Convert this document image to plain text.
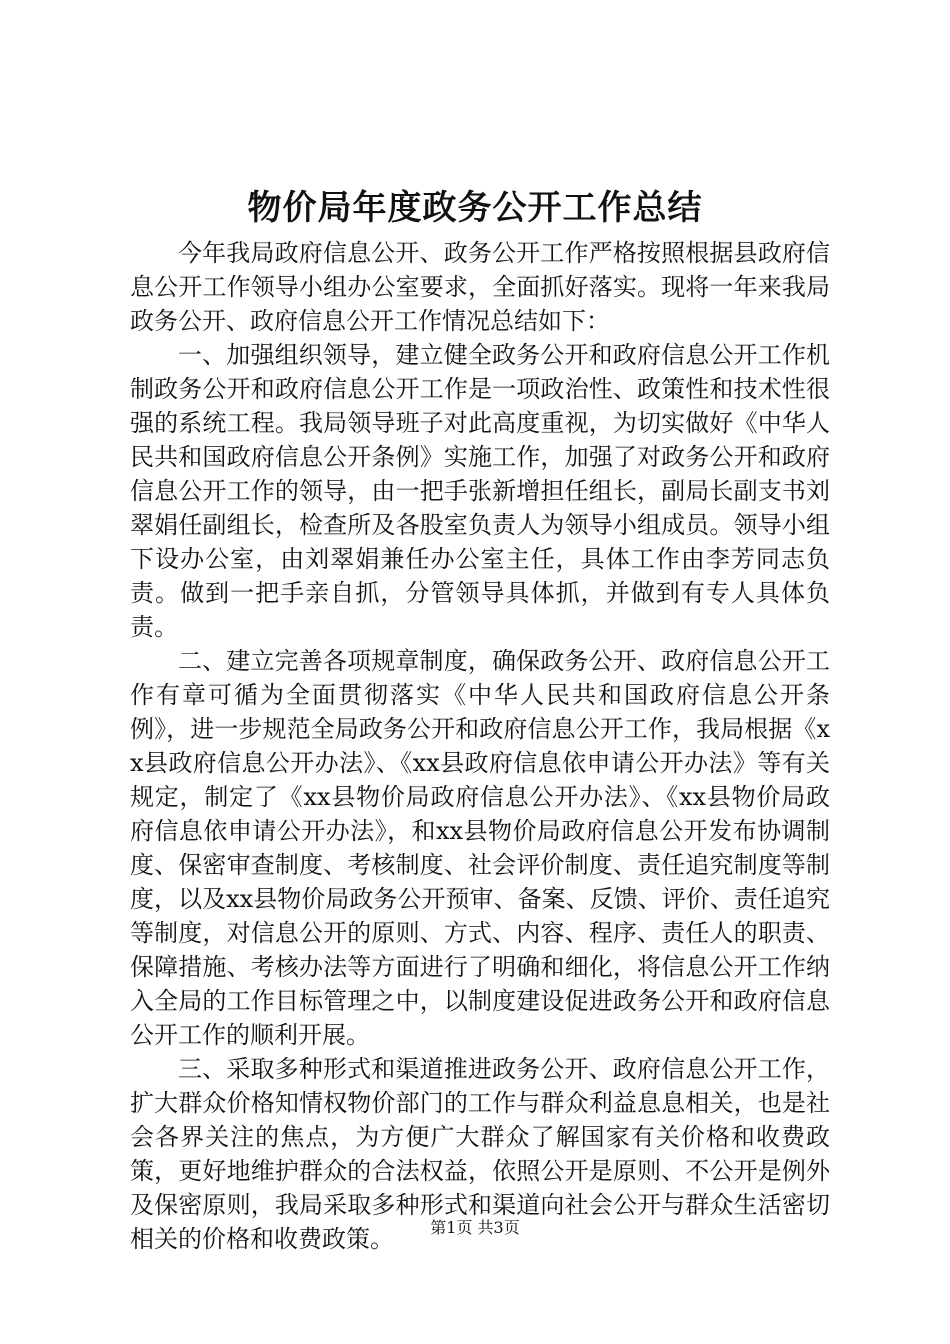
物价局年度政务公开工作总结

今年我局政府信息公开、政务公开工作严格按照根据县政府信息公开工作领导小组办公室要求，全面抓好落实。现将一年来我局政务公开、政府信息公开工作情况总结如下：

一、加强组织领导，建立健全政务公开和政府信息公开工作机制政务公开和政府信息公开工作是一项政治性、政策性和技术性很强的系统工程。我局领导班子对此高度重视，为切实做好《中华人民共和国政府信息公开条例》实施工作，加强了对政务公开和政府信息公开工作的领导，由一把手张新增担任组长，副局长副支书刘翠娟任副组长，检查所及各股室负责人为领导小组成员。领导小组下设办公室，由刘翠娟兼任办公室主任，具体工作由李芳同志负责。做到一把手亲自抓，分管领导具体抓，并做到有专人具体负责。

二、建立完善各项规章制度，确保政务公开、政府信息公开工作有章可循为全面贯彻落实《中华人民共和国政府信息公开条例》，进一步规范全局政务公开和政府信息公开工作，我局根据《xx县政府信息公开办法》、《xx县政府信息依申请公开办法》等有关规定，制定了《xx县物价局政府信息公开办法》、《xx县物价局政府信息依申请公开办法》，和xx县物价局政府信息公开发布协调制度、保密审查制度、考核制度、社会评价制度、责任追究制度等制度，以及xx县物价局政务公开预审、备案、反馈、评价、责任追究等制度，对信息公开的原则、方式、内容、程序、责任人的职责、保障措施、考核办法等方面进行了明确和细化，将信息公开工作纳入全局的工作目标管理之中，以制度建设促进政务公开和政府信息公开工作的顺利开展。

三、采取多种形式和渠道推进政务公开、政府信息公开工作，扩大群众价格知情权物价部门的工作与群众利益息息相关，也是社会各界关注的焦点，为方便广大群众了解国家有关价格和收费政策，更好地维护群众的合法权益，依照公开是原则、不公开是例外及保密原则，我局采取多种形式和渠道向社会公开与群众生活密切相关的价格和收费政策。	第1页 共3页
